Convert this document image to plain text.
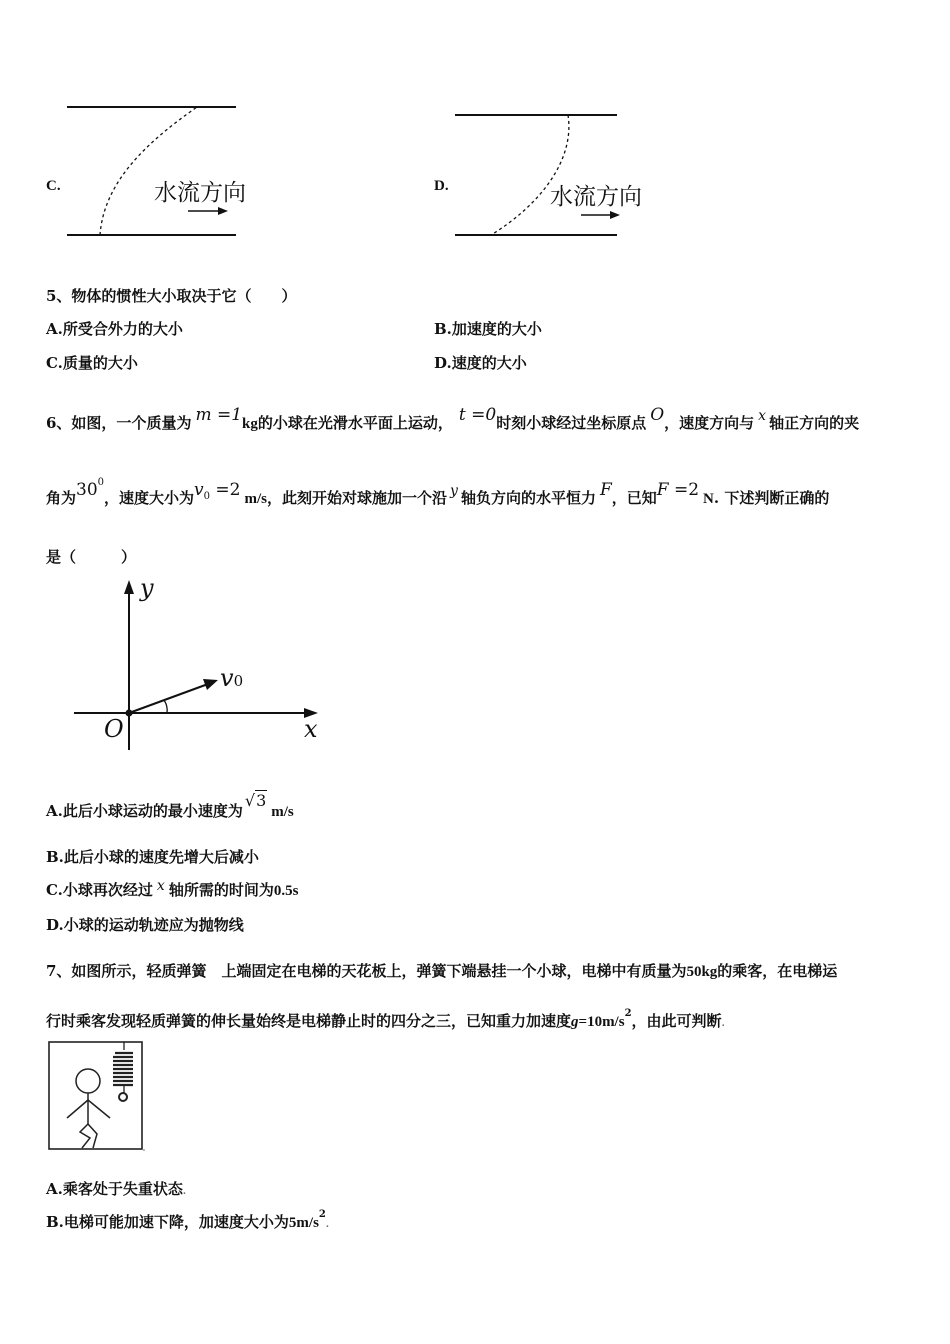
C.	水流方向	D.	水流方向
5、物体的惯性大小取决于它（　　）
A.所受合外力的大小	B.加速度的大小
C.质量的大小	D.速度的大小
6、如图，一个质量为 m =1kg的小球在光滑水平面上运动， t =0时刻小球经过坐标原点 O，速度方向与 x 轴正方向的夹
角为$30^0$，速度大小为$v_0 =2$ m/s，此刻开始对球施加一个沿 y 轴负方向的水平恒力 F，已知F =2 N. 下述判断正确的
是（　　　）
y
v0
O	x
A.此后小球运动的最小速度为√3m/s
B.此后小球的速度先增大后减小
C.小球再次经过 x 轴所需的时间为0.5s
D.小球的运动轨迹应为抛物线
7、如图所示，轻质弹簧　上端固定在电梯的天花板上，弹簧下端悬挂一个小球，电梯中有质量为50kg的乘客，在电梯运
行时乘客发现轻质弹簧的伸长量始终是电梯静止时的四分之三，已知重力加速度$g=10m/s^2$，由此可判断.
A.乘客处于失重状态.
B.电梯可能加速下降，加速度大小为$5m/s^2$.
